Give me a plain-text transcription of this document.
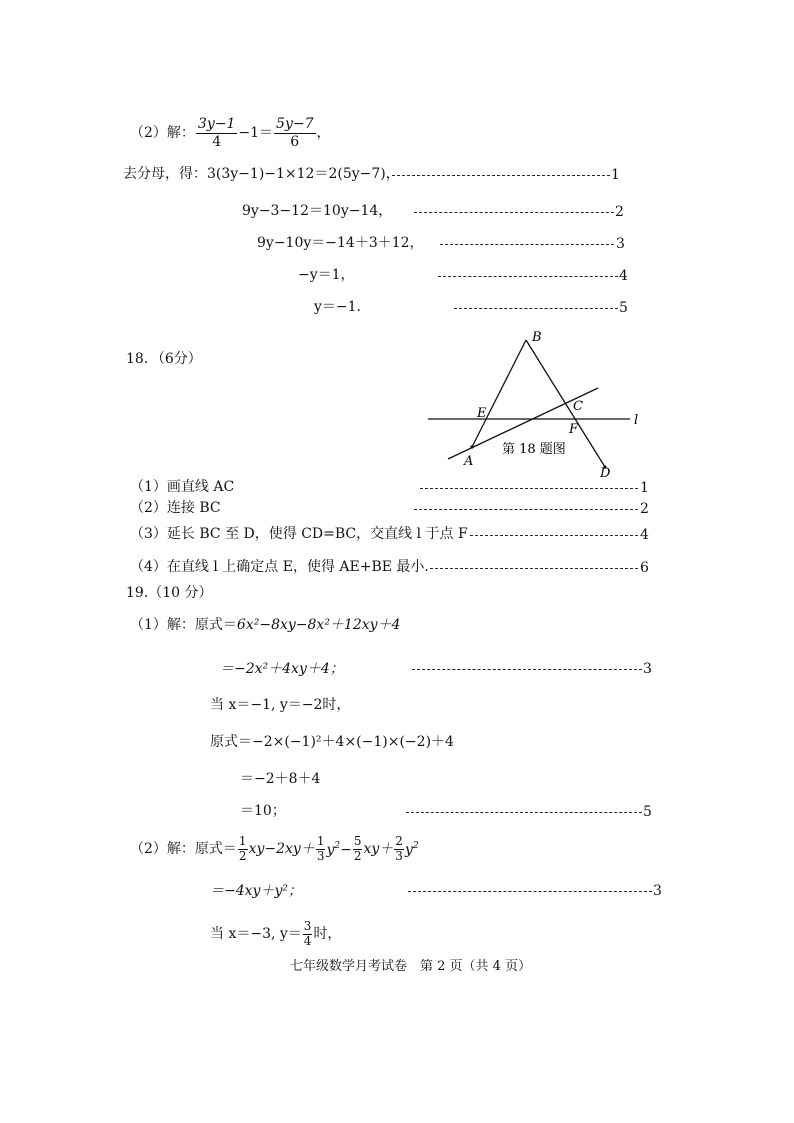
（2）解： $\frac{3y-1}{4} -1= \frac{5y-7}{6}$ ，
去分母，得：3(3y−1)−1×12＝2(5y−7)，	1
9y−3−12＝10y−14，	2
9y−10y＝−14＋3＋12，	3
−y＝1，	4
y＝−1．	5
18．（6分）
B
E	C
l
F
A
D
第 18 题图
（1）画直线 AC	1
（2）连接 BC	2
（3）延长 BC 至 D，使得 CD=BC，交直线 l 于点 F	4
（4）在直线 l 上确定点 E，使得 AE+BE 最小．	6
19.（10 分）
（1）解：原式＝6x²−8xy−8x²＋12xy＋4
＝−2x²＋4xy＋4；	3
当 x＝−1, y＝−2时，
原式＝−2×(−1)²＋4×(−1)×(−2)＋4
＝−2＋8＋4
＝10；	5
（2）解：原式＝ 1
2 xy−2xy＋ 1
3 $y^2- \frac{5}{2} xy+ 2$
3 $y^2$
＝−4xy＋y²；	3
当 x＝−3, y＝ 3
4 时，
七年级数学月考试卷　第 2 页（共 4 页）
